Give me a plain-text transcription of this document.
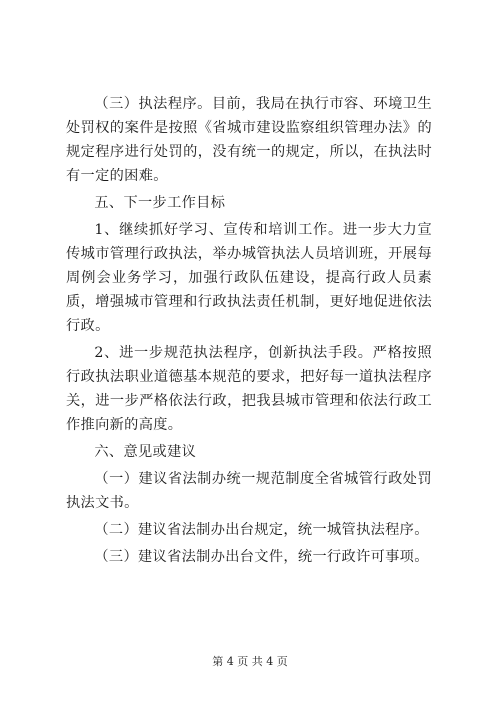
（三）执法程序。目前，我局在执行市容、环境卫生处罚权的案件是按照《省城市建设监察组织管理办法》的规定程序进行处罚的，没有统一的规定，所以，在执法时有一定的困难。

五、下一步工作目标

1、继续抓好学习、宣传和培训工作。进一步大力宣传城市管理行政执法，举办城管执法人员培训班，开展每周例会业务学习，加强行政队伍建设，提高行政人员素质，增强城市管理和行政执法责任机制，更好地促进依法行政。

2、进一步规范执法程序，创新执法手段。严格按照行政执法职业道德基本规范的要求，把好每一道执法程序关，进一步严格依法行政，把我县城市管理和依法行政工作推向新的高度。

六、意见或建议

（一）建议省法制办统一规范制度全省城管行政处罚执法文书。

（二）建议省法制办出台规定，统一城管执法程序。

（三）建议省法制办出台文件，统一行政许可事项。

第 4 页 共 4 页
